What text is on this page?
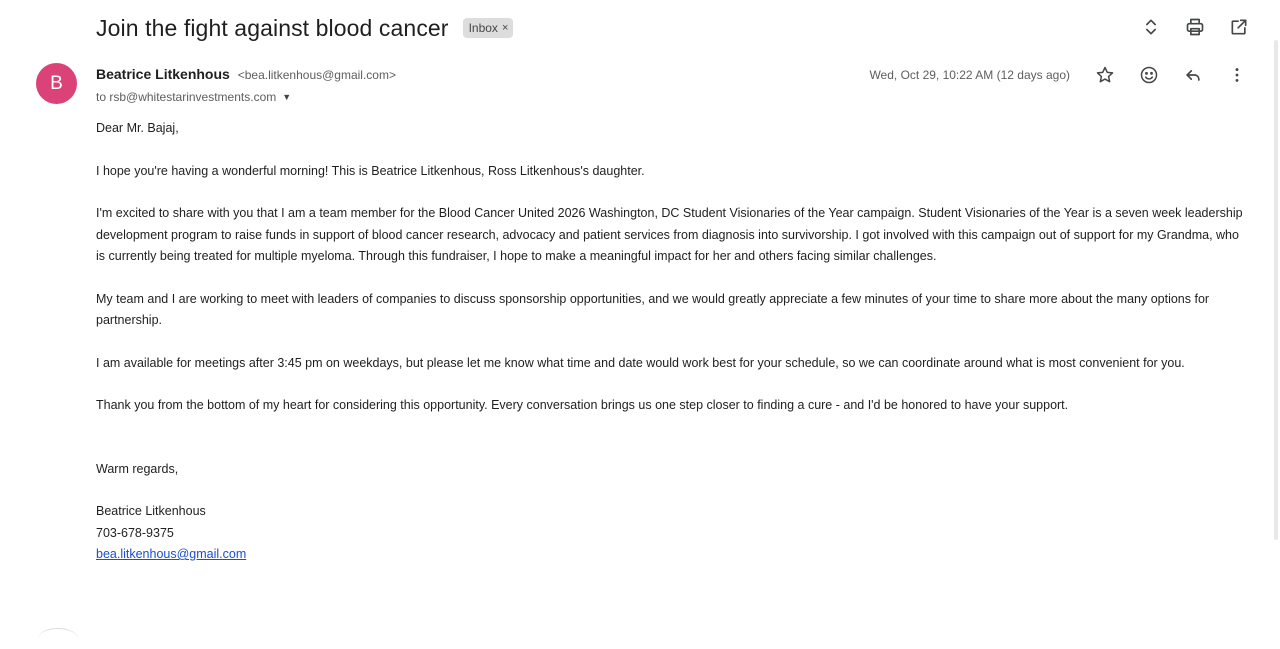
Join the fight against blood cancer Inbox ×
B	Beatrice Litkenhous <bea.litkenhous@gmail.com>
to rsb@whitestarinvestments.com ▼
Wed, Oct 29, 10:22 AM (12 days ago)

Dear Mr. Bajaj,

I hope you're having a wonderful morning! This is Beatrice Litkenhous, Ross Litkenhous's daughter.

I'm excited to share with you that I am a team member for the Blood Cancer United 2026 Washington, DC Student Visionaries of the Year campaign. Student Visionaries of the Year is a seven week leadership development program to raise funds in support of blood cancer research, advocacy and patient services from diagnosis into survivorship. I got involved with this campaign out of support for my Grandma, who is currently being treated for multiple myeloma. Through this fundraiser, I hope to make a meaningful impact for her and others facing similar challenges.

My team and I are working to meet with leaders of companies to discuss sponsorship opportunities, and we would greatly appreciate a few minutes of your time to share more about the many options for partnership.

I am available for meetings after 3:45 pm on weekdays, but please let me know what time and date would work best for your schedule, so we can coordinate around what is most convenient for you.

Thank you from the bottom of my heart for considering this opportunity. Every conversation brings us one step closer to finding a cure - and I'd be honored to have your support.

Warm regards,

Beatrice Litkenhous

703-678-9375

bea.litkenhous@gmail.com
